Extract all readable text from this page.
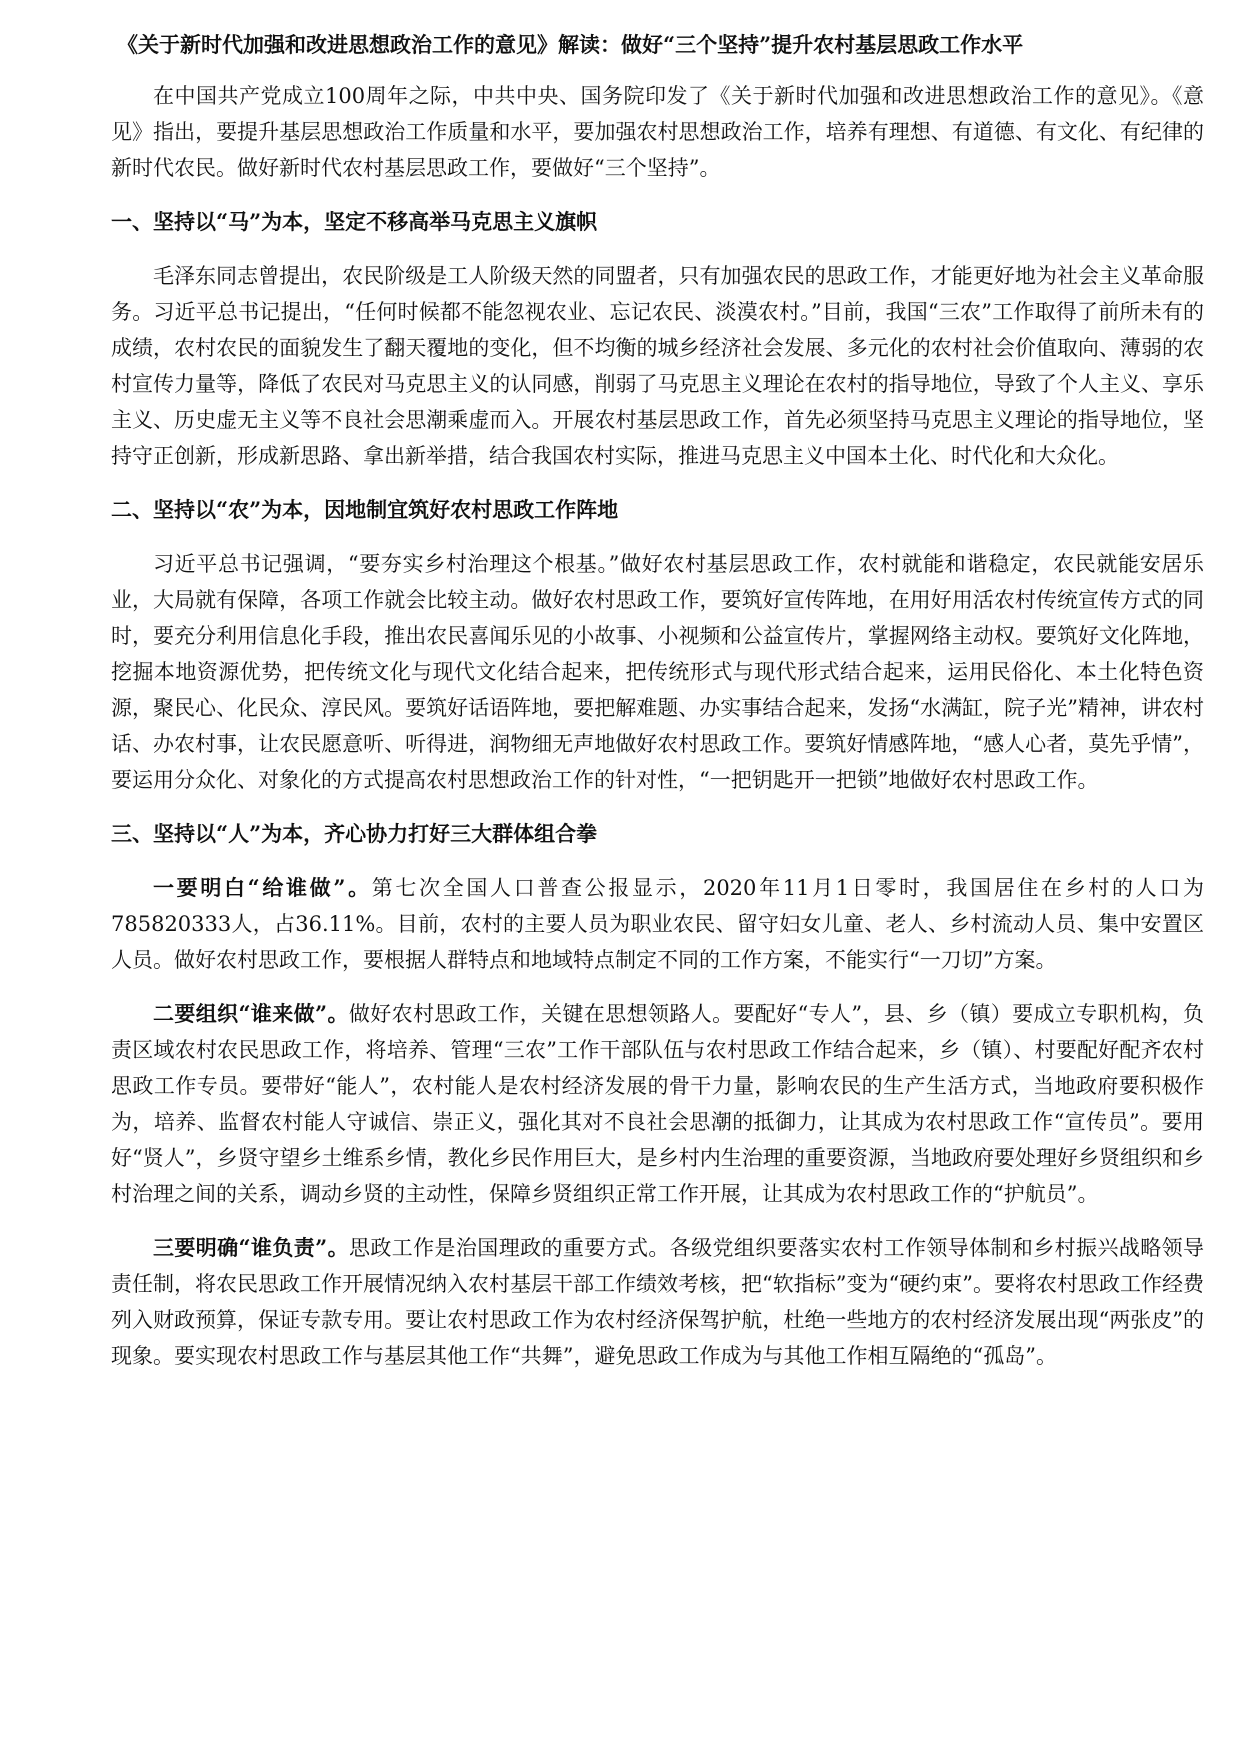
《关于新时代加强和改进思想政治工作的意见》解读：做好“三个坚持”提升农村基层思政工作水平

在中国共产党成立100周年之际，中共中央、国务院印发了《关于新时代加强和改进思想政治工作的意见》。《意见》指出，要提升基层思想政治工作质量和水平，要加强农村思想政治工作，培养有理想、有道德、有文化、有纪律的新时代农民。做好新时代农村基层思政工作，要做好“三个坚持”。

一、坚持以“马”为本，坚定不移高举马克思主义旗帜

毛泽东同志曾提出，农民阶级是工人阶级天然的同盟者，只有加强农民的思政工作，才能更好地为社会主义革命服务。习近平总书记提出，“任何时候都不能忽视农业、忘记农民、淡漠农村。”目前，我国“三农”工作取得了前所未有的成绩，农村农民的面貌发生了翻天覆地的变化，但不均衡的城乡经济社会发展、多元化的农村社会价值取向、薄弱的农村宣传力量等，降低了农民对马克思主义的认同感，削弱了马克思主义理论在农村的指导地位，导致了个人主义、享乐主义、历史虚无主义等不良社会思潮乘虚而入。开展农村基层思政工作，首先必须坚持马克思主义理论的指导地位，坚持守正创新，形成新思路、拿出新举措，结合我国农村实际，推进马克思主义中国本土化、时代化和大众化。

二、坚持以“农”为本，因地制宜筑好农村思政工作阵地

习近平总书记强调，“要夯实乡村治理这个根基。”做好农村基层思政工作，农村就能和谐稳定，农民就能安居乐业，大局就有保障，各项工作就会比较主动。做好农村思政工作，要筑好宣传阵地，在用好用活农村传统宣传方式的同时，要充分利用信息化手段，推出农民喜闻乐见的小故事、小视频和公益宣传片，掌握网络主动权。要筑好文化阵地，挖掘本地资源优势，把传统文化与现代文化结合起来，把传统形式与现代形式结合起来，运用民俗化、本土化特色资源，聚民心、化民众、淳民风。要筑好话语阵地，要把解难题、办实事结合起来，发扬“水满缸，院子光”精神，讲农村话、办农村事，让农民愿意听、听得进，润物细无声地做好农村思政工作。要筑好情感阵地，“感人心者，莫先乎情”，要运用分众化、对象化的方式提高农村思想政治工作的针对性，“一把钥匙开一把锁”地做好农村思政工作。

三、坚持以“人”为本，齐心协力打好三大群体组合拳

一要明白“给谁做”。第七次全国人口普查公报显示，2020年11月1日零时，我国居住在乡村的人口为785820333人，占36.11%。目前，农村的主要人员为职业农民、留守妇女儿童、老人、乡村流动人员、集中安置区人员。做好农村思政工作，要根据人群特点和地域特点制定不同的工作方案，不能实行“一刀切”方案。

二要组织“谁来做”。做好农村思政工作，关键在思想领路人。要配好“专人”，县、乡（镇）要成立专职机构，负责区域农村农民思政工作，将培养、管理“三农”工作干部队伍与农村思政工作结合起来，乡（镇）、村要配好配齐农村思政工作专员。要带好“能人”，农村能人是农村经济发展的骨干力量，影响农民的生产生活方式，当地政府要积极作为，培养、监督农村能人守诚信、崇正义，强化其对不良社会思潮的抵御力，让其成为农村思政工作“宣传员”。要用好“贤人”，乡贤守望乡土维系乡情，教化乡民作用巨大，是乡村内生治理的重要资源，当地政府要处理好乡贤组织和乡村治理之间的关系，调动乡贤的主动性，保障乡贤组织正常工作开展，让其成为农村思政工作的“护航员”。

三要明确“谁负责”。思政工作是治国理政的重要方式。各级党组织要落实农村工作领导体制和乡村振兴战略领导责任制，将农民思政工作开展情况纳入农村基层干部工作绩效考核，把“软指标”变为“硬约束”。要将农村思政工作经费列入财政预算，保证专款专用。要让农村思政工作为农村经济保驾护航，杜绝一些地方的农村经济发展出现“两张皮”的现象。要实现农村思政工作与基层其他工作“共舞”，避免思政工作成为与其他工作相互隔绝的“孤岛”。
